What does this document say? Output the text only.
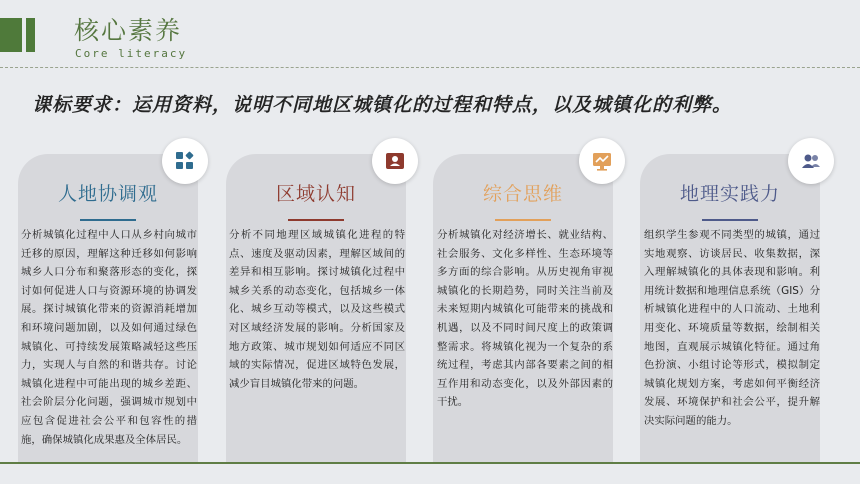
核心素养
Core literacy
课标要求：运用资料，说明不同地区城镇化的过程和特点，以及城镇化的利弊。
人地协调观
分析城镇化过程中人口从乡村向城市迁移的原因，理解这种迁移如何影响城乡人口分布和聚落形态的变化，探讨如何促进人口与资源环境的协调发展。探讨城镇化带来的资源消耗增加和环境问题加剧，以及如何通过绿色城镇化、可持续发展策略减轻这些压力，实现人与自然的和谐共存。讨论城镇化进程中可能出现的城乡差距、社会阶层分化问题，强调城市规划中应包含促进社会公平和包容性的措施，确保城镇化成果惠及全体居民。
区域认知
分析不同地理区域城镇化进程的特点、速度及驱动因素，理解区域间的差异和相互影响。探讨城镇化过程中城乡关系的动态变化，包括城乡一体化、城乡互动等模式，以及这些模式对区域经济发展的影响。分析国家及地方政策、城市规划如何适应不同区域的实际情况，促进区域特色发展，减少盲目城镇化带来的问题。
综合思维
分析城镇化对经济增长、就业结构、社会服务、文化多样性、生态环境等多方面的综合影响。从历史视角审视城镇化的长期趋势，同时关注当前及未来短期内城镇化可能带来的挑战和机遇，以及不同时间尺度上的政策调整需求。将城镇化视为一个复杂的系统过程，考虑其内部各要素之间的相互作用和动态变化，以及外部因素的干扰。
地理实践力
组织学生参观不同类型的城镇，通过实地观察、访谈居民、收集数据，深入理解城镇化的具体表现和影响。利用统计数据和地理信息系统（GIS）分析城镇化进程中的人口流动、土地利用变化、环境质量等数据，绘制相关地图，直观展示城镇化特征。通过角色扮演、小组讨论等形式，模拟制定城镇化规划方案，考虑如何平衡经济发展、环境保护和社会公平，提升解决实际问题的能力。
